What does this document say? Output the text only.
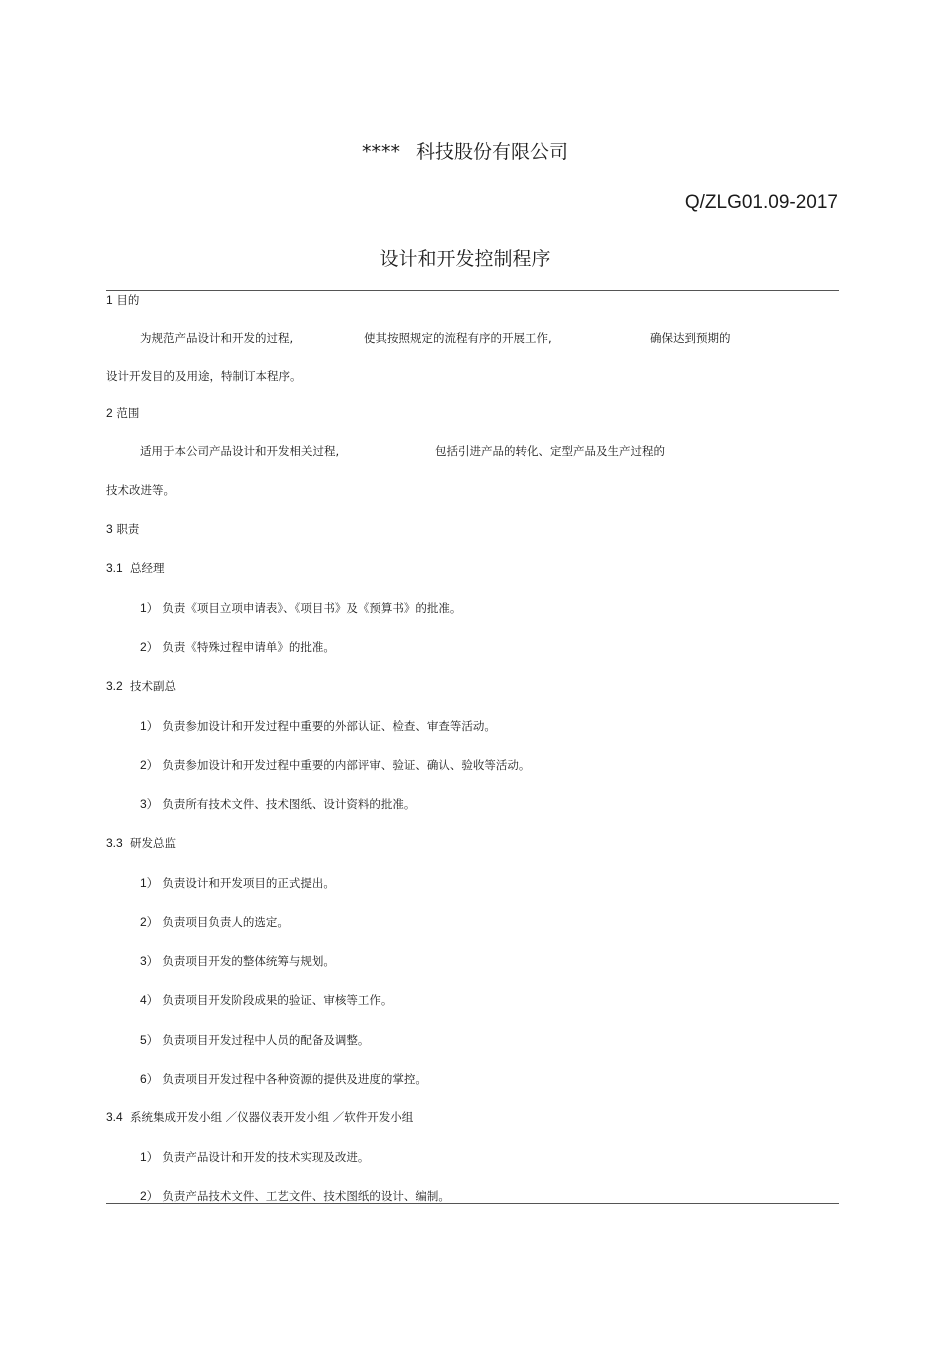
**** 科技股份有限公司
Q/ZLG01.09-2017
设计和开发控制程序
1 目的
为规范产品设计和开发的过程,	使其按照规定的流程有序的开展工作,	确保达到预期的
设计开发目的及用途，特制订本程序。
2 范围
适用于本公司产品设计和开发相关过程,	包括引进产品的转化、定型产品及生产过程的
技术改进等。
3 职责
3.1 总经理
1） 负责《项目立项申请表》、《项目书》及《预算书》的批准。
2） 负责《特殊过程申请单》的批准。
3.2 技术副总
1） 负责参加设计和开发过程中重要的外部认证、检查、审查等活动。
2） 负责参加设计和开发过程中重要的内部评审、验证、确认、验收等活动。
3） 负责所有技术文件、技术图纸、设计资料的批准。
3.3 研发总监
1） 负责设计和开发项目的正式提出。
2） 负责项目负责人的选定。
3） 负责项目开发的整体统筹与规划。
4） 负责项目开发阶段成果的验证、审核等工作。
5） 负责项目开发过程中人员的配备及调整。
6） 负责项目开发过程中各种资源的提供及进度的掌控。
3.4 系统集成开发小组 ／仪器仪表开发小组 ／软件开发小组
1） 负责产品设计和开发的技术实现及改进。
2） 负责产品技术文件、工艺文件、技术图纸的设计、编制。
